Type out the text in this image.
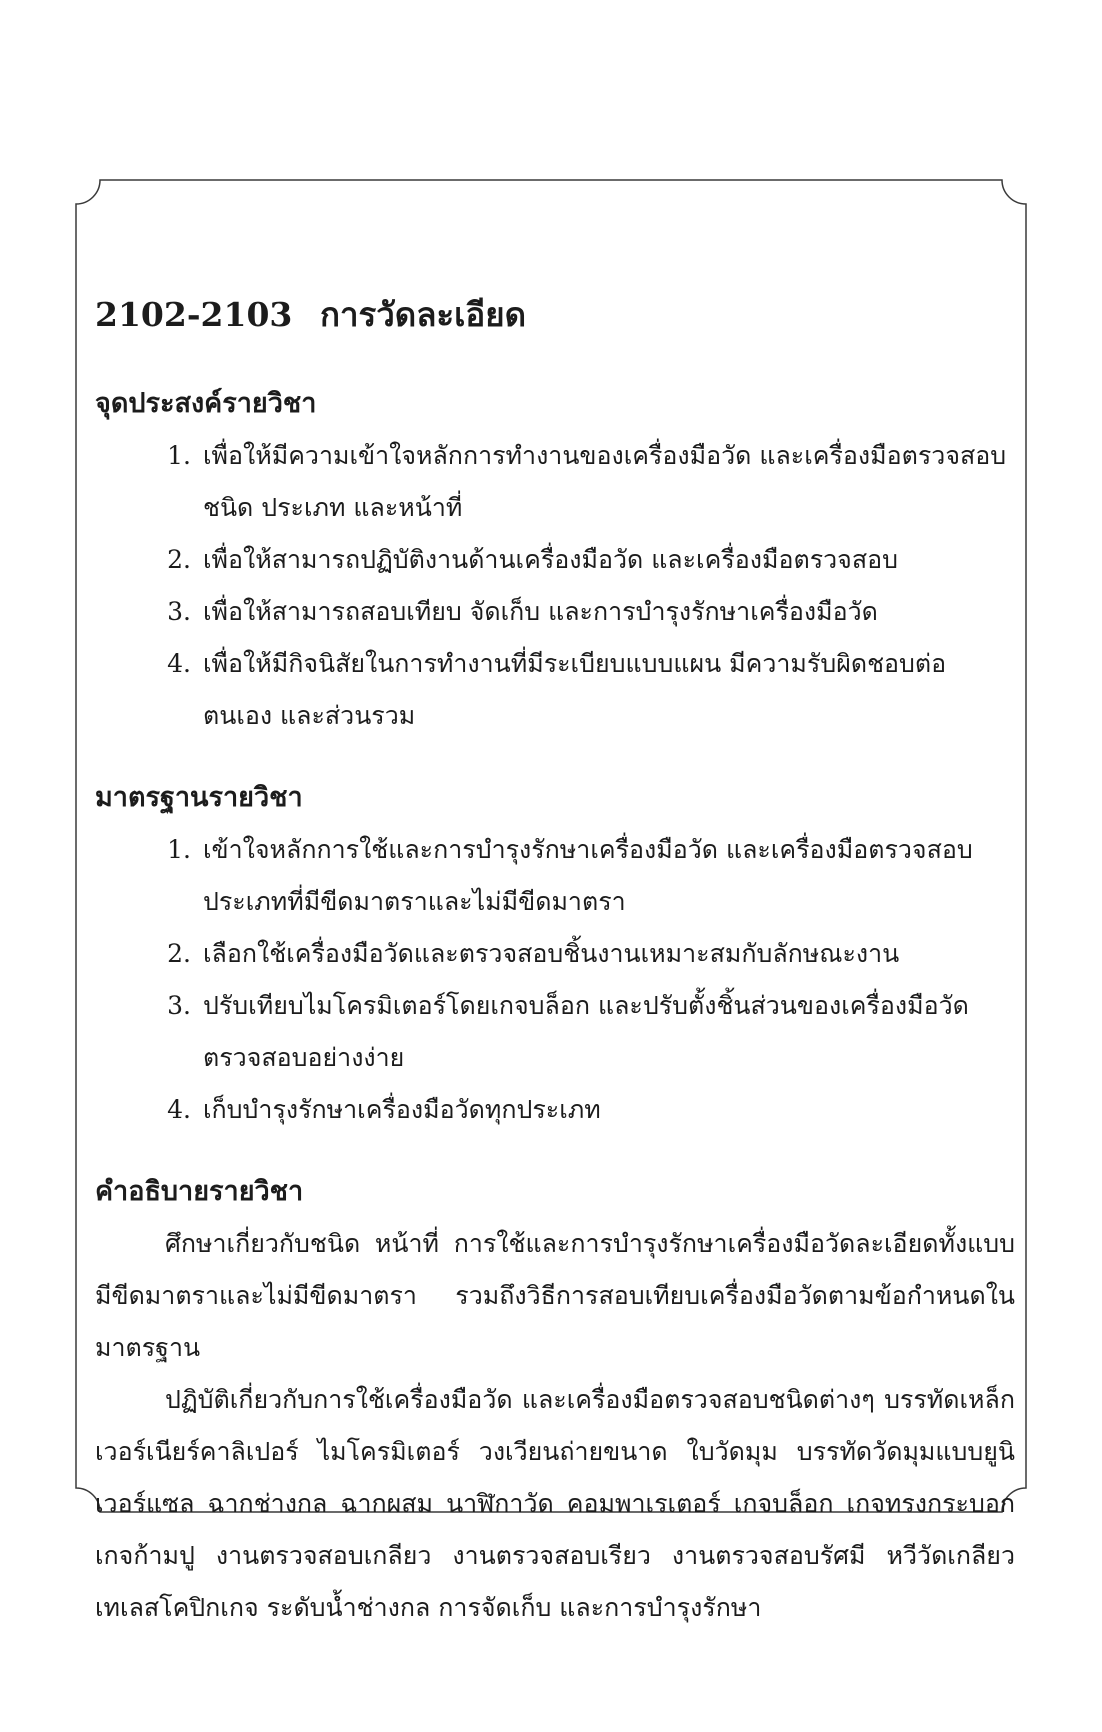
2102-2103 การวัดละเอียด
จุดประสงค์รายวิชา
1. เพื่อให้มีความเข้าใจหลักการทำงานของเครื่องมือวัด และเครื่องมือตรวจสอบ ชนิด ประเภท และหน้าที่
2. เพื่อให้สามารถปฏิบัติงานด้านเครื่องมือวัด และเครื่องมือตรวจสอบ
3. เพื่อให้สามารถสอบเทียบ จัดเก็บ และการบำรุงรักษาเครื่องมือวัด
4. เพื่อให้มีกิจนิสัยในการทำงานที่มีระเบียบแบบแผน มีความรับผิดชอบต่อตนเอง และส่วนรวม
มาตรฐานรายวิชา
1. เข้าใจหลักการใช้และการบำรุงรักษาเครื่องมือวัด และเครื่องมือตรวจสอบ ประเภทที่มีขีดมาตราและไม่มีขีดมาตรา
2. เลือกใช้เครื่องมือวัดและตรวจสอบชิ้นงานเหมาะสมกับลักษณะงาน
3. ปรับเทียบไมโครมิเตอร์โดยเกจบล็อก และปรับตั้งชิ้นส่วนของเครื่องมือวัด ตรวจสอบอย่างง่าย
4. เก็บบำรุงรักษาเครื่องมือวัดทุกประเภท
คำอธิบายรายวิชา

ศึกษาเกี่ยวกับชนิด หน้าที่ การใช้และการบำรุงรักษาเครื่องมือวัดละเอียดทั้งแบบมีขีดมาตราและไม่มีขีดมาตรา รวมถึงวิธีการสอบเทียบเครื่องมือวัดตามข้อกำหนดในมาตรฐาน

ปฏิบัติเกี่ยวกับการใช้เครื่องมือวัด และเครื่องมือตรวจสอบชนิดต่างๆ บรรทัดเหล็ก เวอร์เนียร์คาลิเปอร์ ไมโครมิเตอร์ วงเวียนถ่ายขนาด ใบวัดมุม บรรทัดวัดมุมแบบยูนิเวอร์แซล ฉากช่างกล ฉากผสม นาฬิกาวัด คอมพาเรเตอร์ เกจบล็อก เกจทรงกระบอก เกจก้ามปู งานตรวจสอบเกลียว งานตรวจสอบเรียว งานตรวจสอบรัศมี หวีวัดเกลียว เทเลสโคปิกเกจ ระดับน้ำช่างกล การจัดเก็บ และการบำรุงรักษา
